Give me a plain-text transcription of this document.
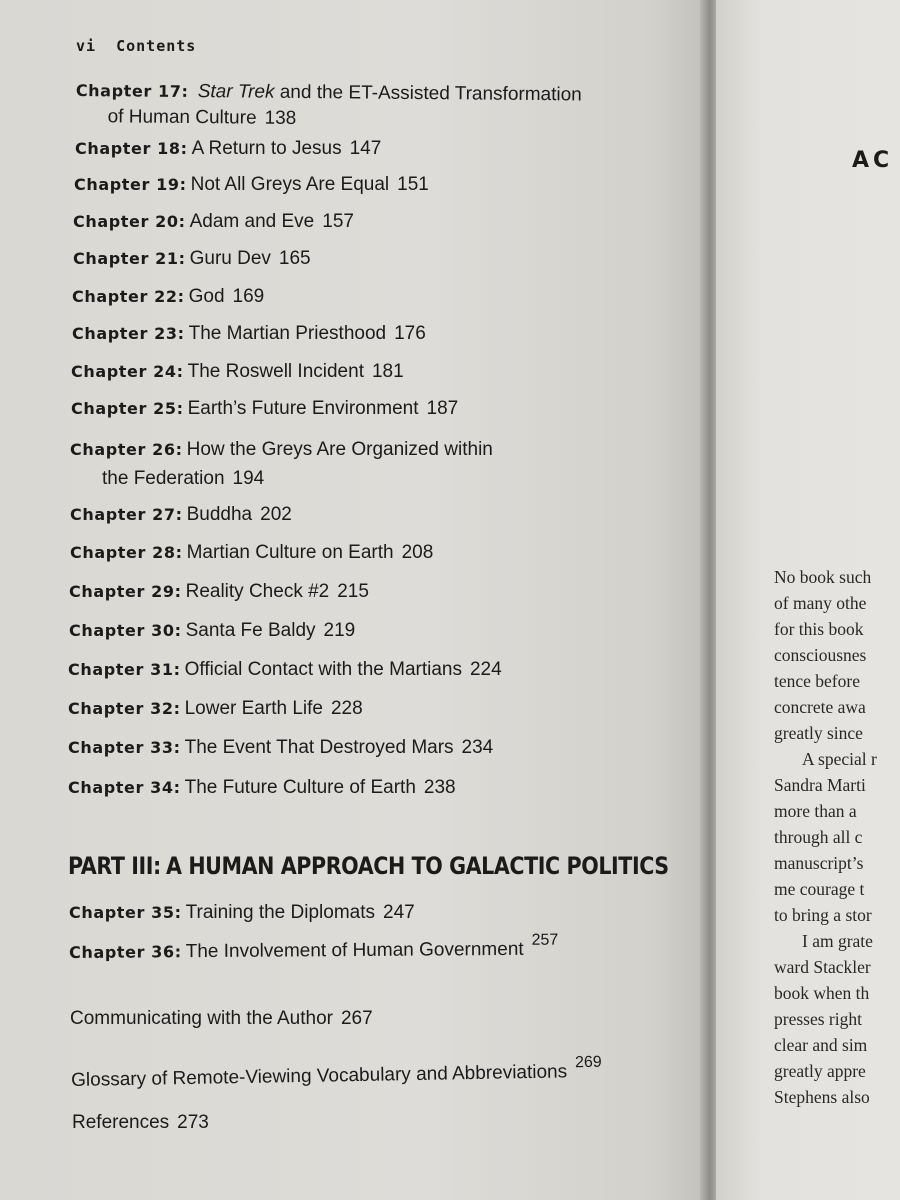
vi Contents
Chapter 17: Star Trek and the ET-Assisted Transformation
of Human Culture 138
Chapter 18: A Return to Jesus 147
Chapter 19: Not All Greys Are Equal 151
Chapter 20: Adam and Eve 157
Chapter 21: Guru Dev 165
Chapter 22: God 169
Chapter 23: The Martian Priesthood 176
Chapter 24: The Roswell Incident 181
Chapter 25: Earth’s Future Environment 187
Chapter 26: How the Greys Are Organized within
the Federation 194
Chapter 27: Buddha 202
Chapter 28: Martian Culture on Earth 208
Chapter 29: Reality Check #2 215
Chapter 30: Santa Fe Baldy 219
Chapter 31: Official Contact with the Martians 224
Chapter 32: Lower Earth Life 228
Chapter 33: The Event That Destroyed Mars 234
Chapter 34: The Future Culture of Earth 238
PART III: A HUMAN APPROACH TO GALACTIC POLITICS
Chapter 35: Training the Diplomats 247
Chapter 36: The Involvement of Human Government $^{257}$
Communicating with the Author 267
Glossary of Remote-Viewing Vocabulary and Abbreviations $^{269}$
References 273
AC
No book such
of many othe
for this book
consciousnes
tence before
concrete awa
greatly since
A special r
Sandra Marti
more than a
through all c
manuscript’s
me courage t
to bring a stor
I am grate
ward Stackler
book when th
presses right
clear and sim
greatly appre
Stephens also
